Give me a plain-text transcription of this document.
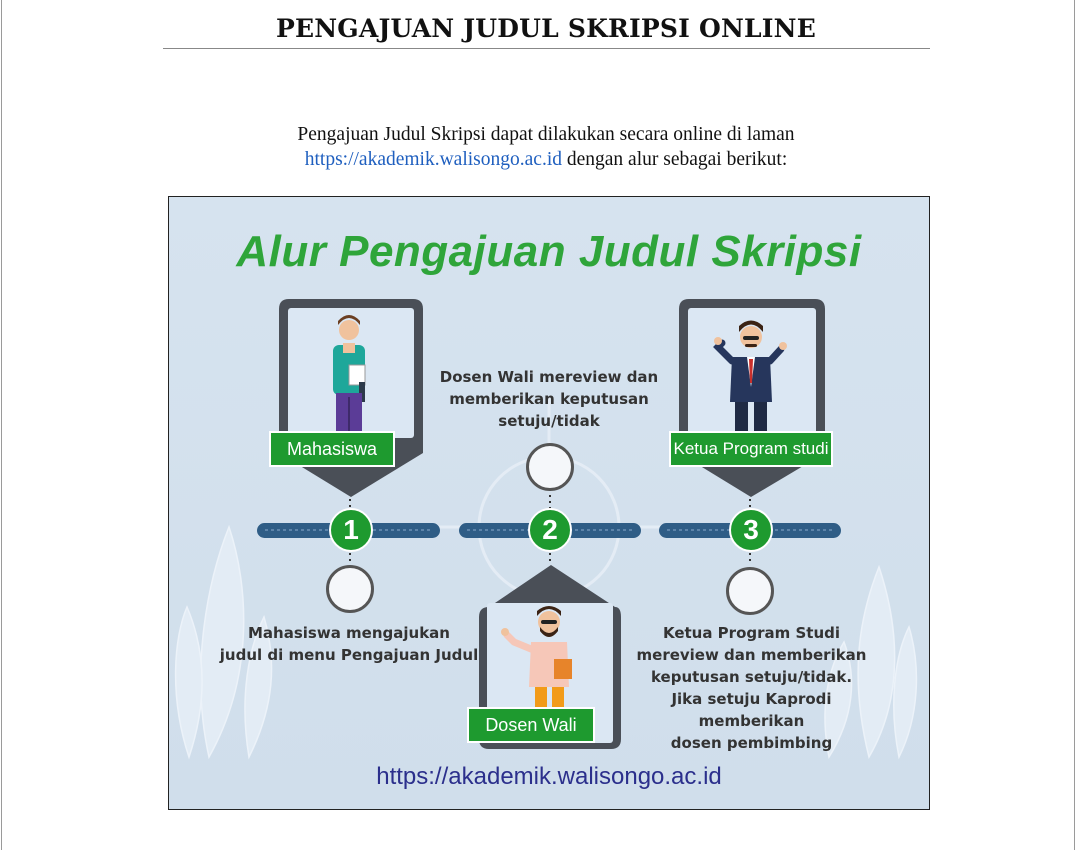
PENGAJUAN JUDUL SKRIPSI ONLINE
Pengajuan Judul Skripsi dapat dilakukan secara online di laman
https://akademik.walisongo.ac.id dengan alur sebagai berikut:
Alur Pengajuan Judul Skripsi
Mahasiswa	Ketua Program studi
Dosen Wali
1	2	3
Mahasiswa mengajukan
judul di menu Pengajuan Judul
Dosen Wali mereview dan
memberikan keputusan
setuju/tidak
Ketua Program Studi
mereview dan memberikan
keputusan setuju/tidak.
Jika setuju Kaprodi memberikan
dosen pembimbing
https://akademik.walisongo.ac.id
